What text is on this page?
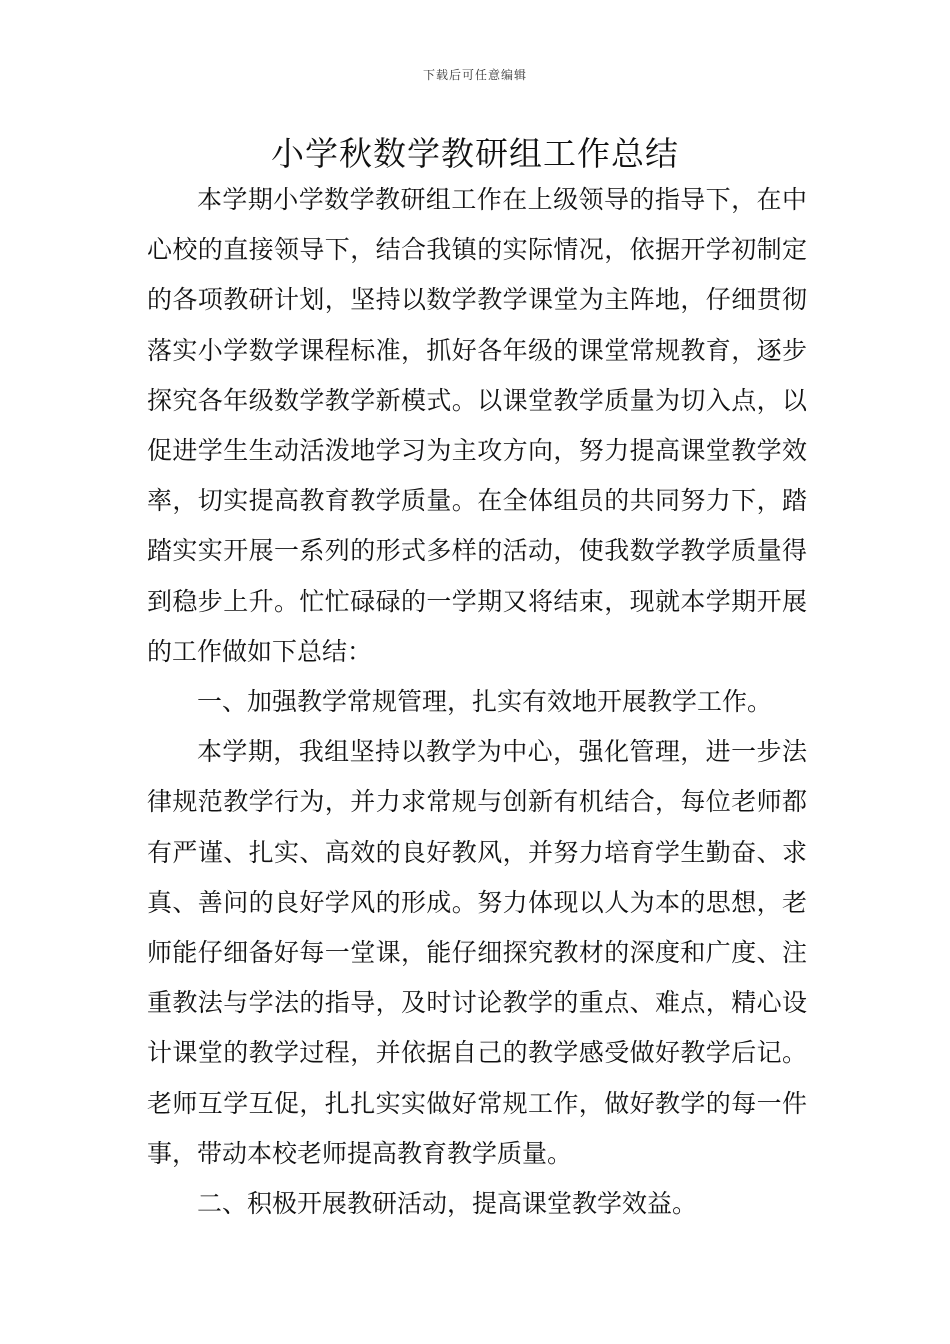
下载后可任意编辑
小学秋数学教研组工作总结

本学期小学数学教研组工作在上级领导的指导下，在中心校的直接领导下，结合我镇的实际情况，依据开学初制定的各项教研计划，坚持以数学教学课堂为主阵地，仔细贯彻落实小学数学课程标准，抓好各年级的课堂常规教育，逐步探究各年级数学教学新模式。以课堂教学质量为切入点，以促进学生生动活泼地学习为主攻方向，努力提高课堂教学效率，切实提高教育教学质量。在全体组员的共同努力下，踏踏实实开展一系列的形式多样的活动，使我数学教学质量得到稳步上升。忙忙碌碌的一学期又将结束，现就本学期开展的工作做如下总结：

一、加强教学常规管理，扎实有效地开展教学工作。

本学期，我组坚持以教学为中心，强化管理，进一步法律规范教学行为，并力求常规与创新有机结合，每位老师都有严谨、扎实、高效的良好教风，并努力培育学生勤奋、求真、善问的良好学风的形成。努力体现以人为本的思想，老师能仔细备好每一堂课，能仔细探究教材的深度和广度、注重教法与学法的指导，及时讨论教学的重点、难点，精心设计课堂的教学过程，并依据自己的教学感受做好教学后记。老师互学互促，扎扎实实做好常规工作，做好教学的每一件事，带动本校老师提高教育教学质量。

二、积极开展教研活动，提高课堂教学效益。
